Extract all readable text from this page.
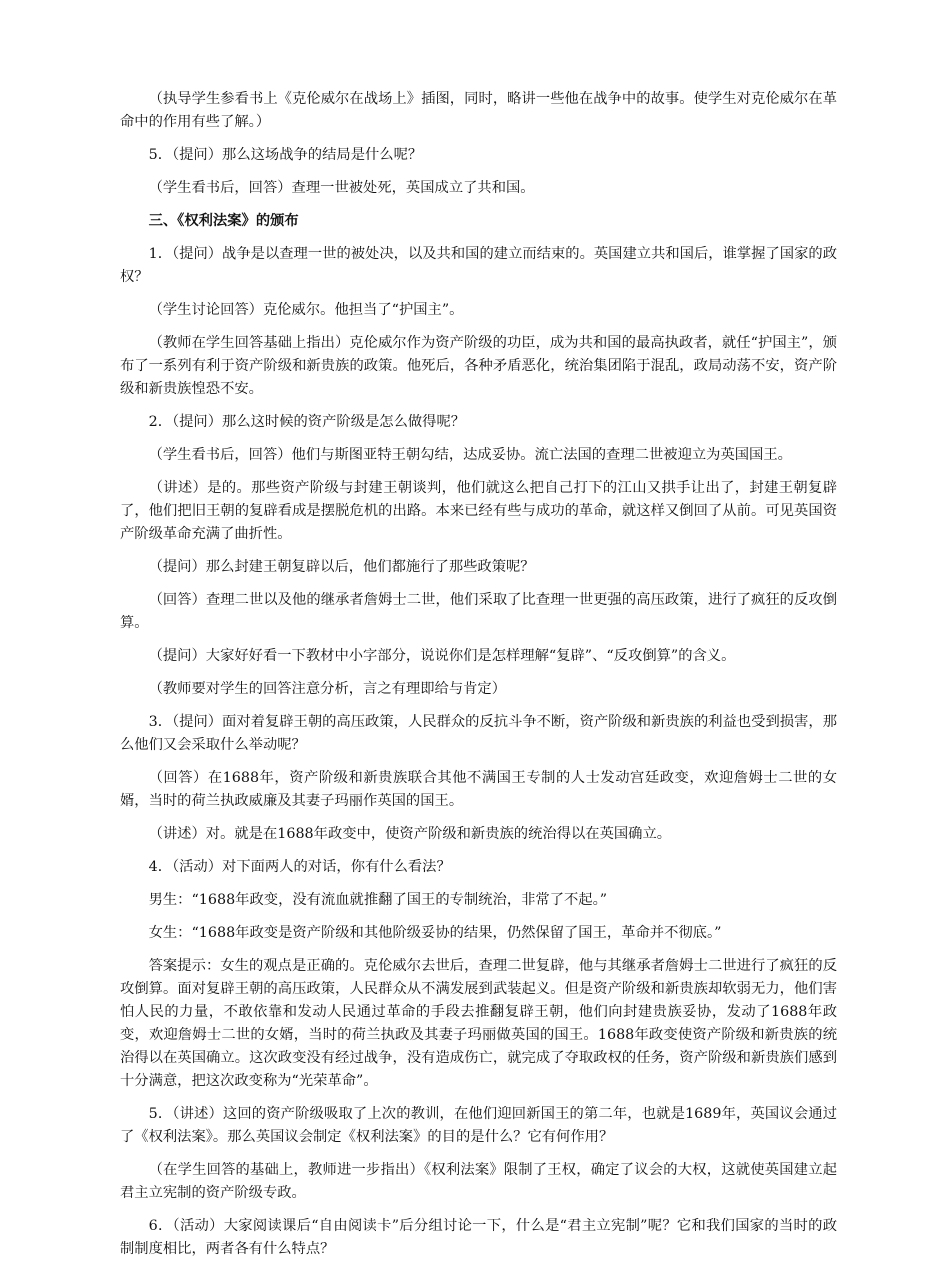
（执导学生参看书上《克伦威尔在战场上》插图，同时，略讲一些他在战争中的故事。使学生对克伦威尔在革命中的作用有些了解。）

5．（提问）那么这场战争的结局是什么呢？

（学生看书后，回答）查理一世被处死，英国成立了共和国。

三、《权利法案》的颁布

1．（提问）战争是以查理一世的被处决，以及共和国的建立而结束的。英国建立共和国后，谁掌握了国家的政权？

（学生讨论回答）克伦威尔。他担当了“护国主”。

（教师在学生回答基础上指出）克伦威尔作为资产阶级的功臣，成为共和国的最高执政者，就任“护国主”，颁布了一系列有利于资产阶级和新贵族的政策。他死后，各种矛盾恶化，统治集团陷于混乱，政局动荡不安，资产阶级和新贵族惶恐不安。

2．（提问）那么这时候的资产阶级是怎么做得呢？

（学生看书后，回答）他们与斯图亚特王朝勾结，达成妥协。流亡法国的查理二世被迎立为英国国王。

（讲述）是的。那些资产阶级与封建王朝谈判，他们就这么把自己打下的江山又拱手让出了，封建王朝复辟了，他们把旧王朝的复辟看成是摆脱危机的出路。本来已经有些与成功的革命，就这样又倒回了从前。可见英国资产阶级革命充满了曲折性。

（提问）那么封建王朝复辟以后，他们都施行了那些政策呢？

（回答）查理二世以及他的继承者詹姆士二世，他们采取了比查理一世更强的高压政策，进行了疯狂的反攻倒算。

（提问）大家好好看一下教材中小字部分，说说你们是怎样理解“复辟”、“反攻倒算”的含义。

（教师要对学生的回答注意分析，言之有理即给与肯定）

3．（提问）面对着复辟王朝的高压政策，人民群众的反抗斗争不断，资产阶级和新贵族的利益也受到损害，那么他们又会采取什么举动呢？

（回答）在1688年，资产阶级和新贵族联合其他不满国王专制的人士发动宫廷政变，欢迎詹姆士二世的女婿，当时的荷兰执政威廉及其妻子玛丽作英国的国王。

（讲述）对。就是在1688年政变中，使资产阶级和新贵族的统治得以在英国确立。

4．（活动）对下面两人的对话，你有什么看法？

男生：“1688年政变，没有流血就推翻了国王的专制统治，非常了不起。”

女生：“1688年政变是资产阶级和其他阶级妥协的结果，仍然保留了国王，革命并不彻底。”

答案提示：女生的观点是正确的。克伦威尔去世后，查理二世复辟，他与其继承者詹姆士二世进行了疯狂的反攻倒算。面对复辟王朝的高压政策，人民群众从不满发展到武装起义。但是资产阶级和新贵族却软弱无力，他们害怕人民的力量，不敢依靠和发动人民通过革命的手段去推翻复辟王朝，他们向封建贵族妥协，发动了1688年政变，欢迎詹姆士二世的女婿，当时的荷兰执政及其妻子玛丽做英国的国王。1688年政变使资产阶级和新贵族的统治得以在英国确立。这次政变没有经过战争，没有造成伤亡，就完成了夺取政权的任务，资产阶级和新贵族们感到十分满意，把这次政变称为“光荣革命”。

5．（讲述）这回的资产阶级吸取了上次的教训，在他们迎回新国王的第二年，也就是1689年，英国议会通过了《权利法案》。那么英国议会制定《权利法案》的目的是什么？它有何作用？

（在学生回答的基础上，教师进一步指出）《权利法案》限制了王权，确定了议会的大权，这就使英国建立起君主立宪制的资产阶级专政。

6．（活动）大家阅读课后“自由阅读卡”后分组讨论一下，什么是“君主立宪制”呢？它和我们国家的当时的政制制度相比，两者各有什么特点？
